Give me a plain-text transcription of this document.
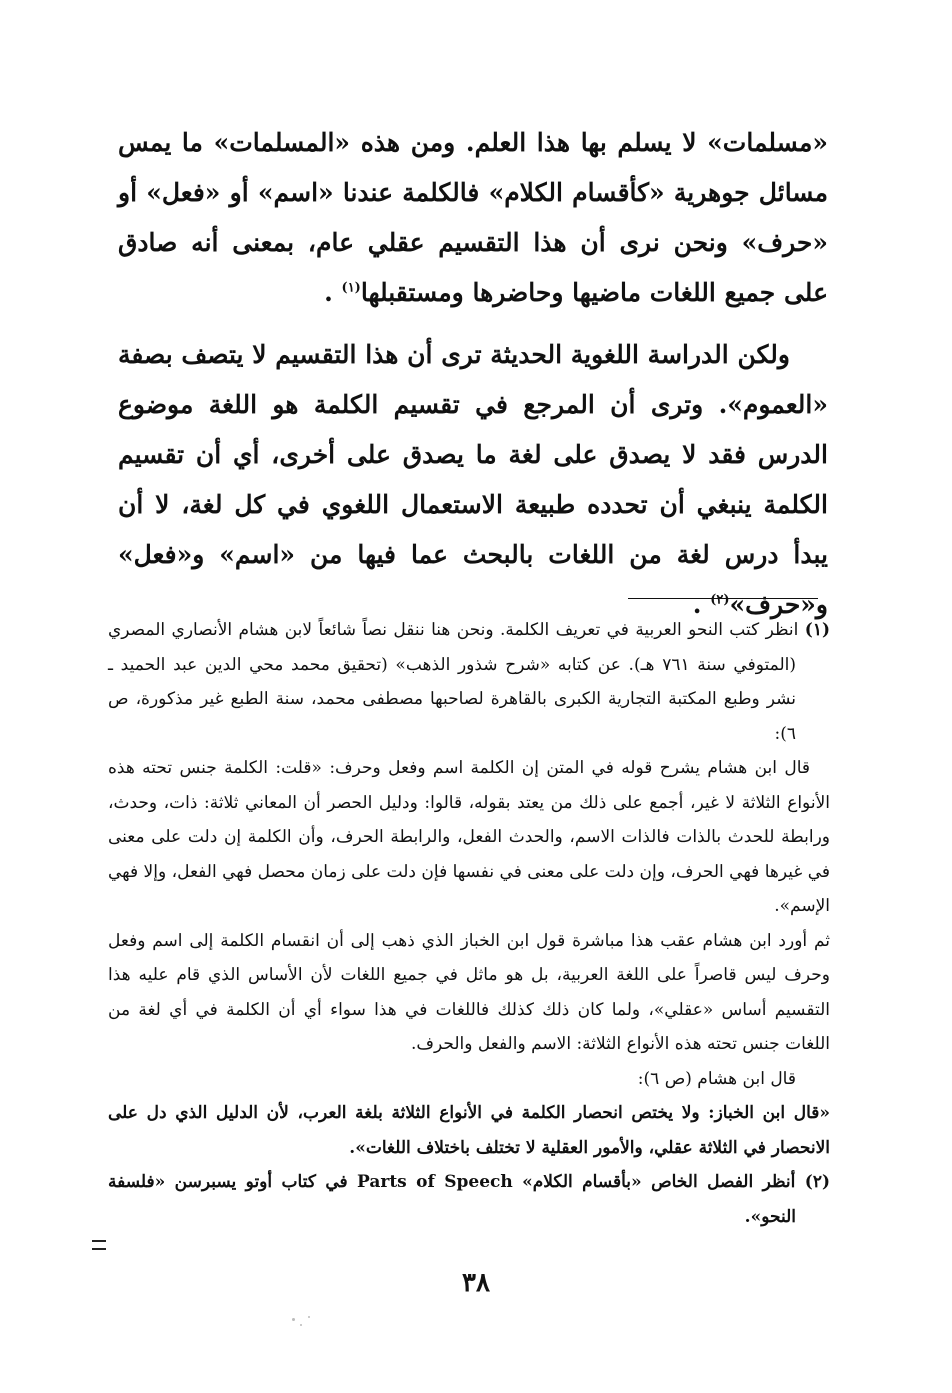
«مسلمات» لا يسلم بها هذا العلم. ومن هذه «المسلمات» ما يمس مسائل جوهرية «كأقسام الكلام» فالكلمة عندنا «اسم» أو «فعل» أو «حرف» ونحن نرى أن هذا التقسيم عقلي عام، بمعنى أنه صادق على جميع اللغات ماضيها وحاضرها ومستقبلها$^{(١)}$ .

ولكن الدراسة اللغوية الحديثة ترى أن هذا التقسيم لا يتصف بصفة «العموم». وترى أن المرجع في تقسيم الكلمة هو اللغة موضوع الدرس فقد لا يصدق على لغة ما يصدق على أخرى، أي أن تقسيم الكلمة ينبغي أن تحدده طبيعة الاستعمال اللغوي في كل لغة، لا أن يبدأ درس لغة من اللغات بالبحث عما فيها من «اسم» و«فعل» و«حرف»$^{(٢)}$ .

(١) انظر كتب النحو العربية في تعريف الكلمة. ونحن هنا ننقل نصاً شائعاً لابن هشام الأنصاري المصري (المتوفي سنة ٧٦١ هـ). عن كتابه «شرح شذور الذهب» (تحقيق محمد محي الدين عبد الحميد ـ نشر وطبع المكتبة التجارية الكبرى بالقاهرة لصاحبها مصطفى محمد، سنة الطبع غير مذكورة، ص ٦):

قال ابن هشام يشرح قوله في المتن إن الكلمة اسم وفعل وحرف: «قلت: الكلمة جنس تحته هذه الأنواع الثلاثة لا غير، أجمع على ذلك من يعتد بقوله، قالوا: ودليل الحصر أن المعاني ثلاثة: ذات، وحدث، ورابطة للحدث بالذات فالذات الاسم، والحدث الفعل، والرابطة الحرف، وأن الكلمة إن دلت على معنى في غيرها فهي الحرف، وإن دلت على معنى في نفسها فإن دلت على زمان محصل فهي الفعل، وإلا فهي الإسم».

ثم أورد ابن هشام عقب هذا مباشرة قول ابن الخباز الذي ذهب إلى أن انقسام الكلمة إلى اسم وفعل وحرف ليس قاصراً على اللغة العربية، بل هو ماثل في جميع اللغات لأن الأساس الذي قام عليه هذا التقسيم أساس «عقلي»، ولما كان ذلك كذلك فاللغات في هذا سواء أي أن الكلمة في أي لغة من اللغات جنس تحته هذه الأنواع الثلاثة: الاسم والفعل والحرف.

قال ابن هشام (ص ٦):

«قال ابن الخباز: ولا يختص انحصار الكلمة في الأنواع الثلاثة بلغة العرب، لأن الدليل الذي دل على الانحصار في الثلاثة عقلي، والأمور العقلية لا تختلف باختلاف اللغات».

(٢) أنظر الفصل الخاص «بأقسام الكلام» Parts of Speech في كتاب أوتو يسبرسن «فلسفة النحو».

٣٨
